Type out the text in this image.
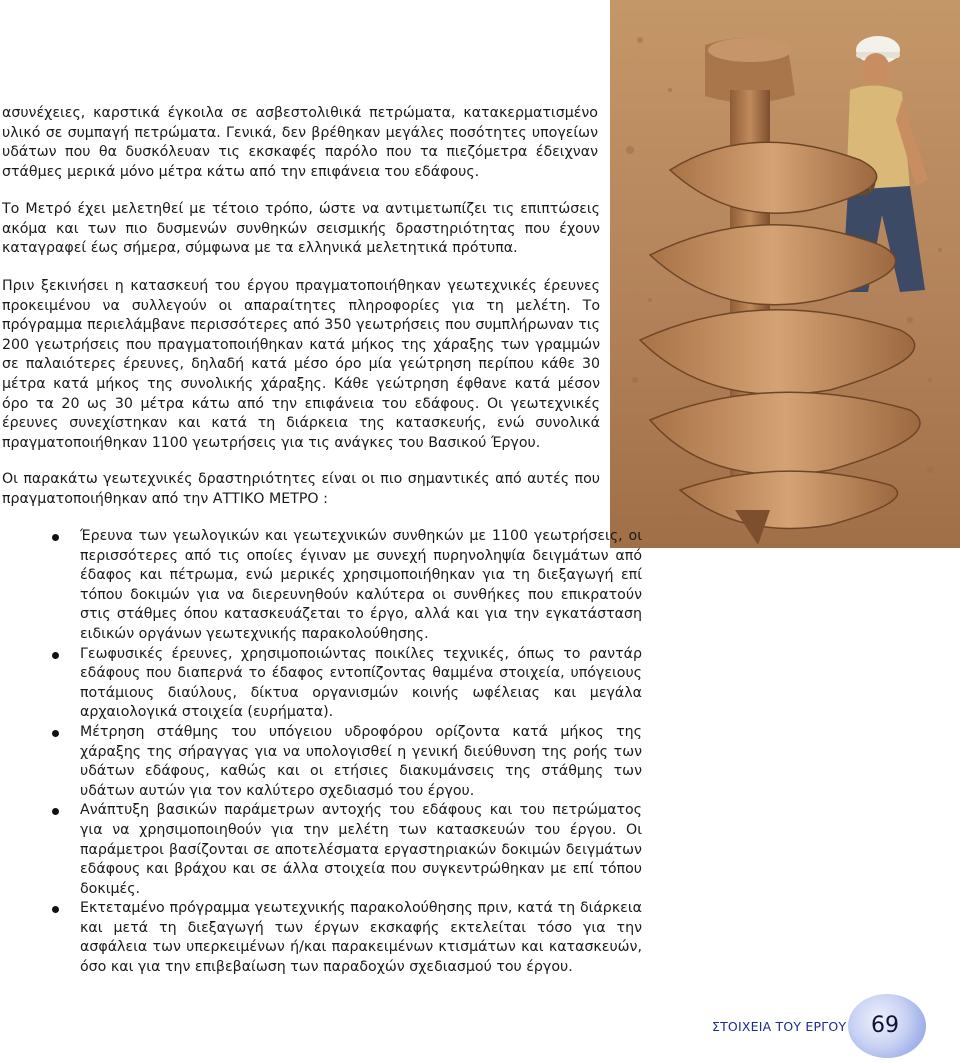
ασυνέχειες, καρστικά έγκοιλα σε ασβεστολιθικά πετρώματα, κατακερματισμένο υλικό σε συμπαγή πετρώματα. Γενικά, δεν βρέθηκαν μεγάλες ποσότητες υπογείων υδάτων που θα δυσκόλευαν τις εκσκαφές παρόλο που τα πιεζόμετρα έδειχναν στάθμες μερικά μόνο μέτρα κάτω από την επιφάνεια του εδάφους.

Το Μετρό έχει μελετηθεί με τέτοιο τρόπο, ώστε να αντιμετωπίζει τις επιπτώσεις ακόμα και των πιο δυσμενών συνθηκών σεισμικής δραστηριότητας που έχουν καταγραφεί έως σήμερα, σύμφωνα με τα ελληνικά μελετητικά πρότυπα.

Πριν ξεκινήσει η κατασκευή του έργου πραγματοποιήθηκαν γεωτεχνικές έρευνες προκειμένου να συλλεγούν οι απαραίτητες πληροφορίες για τη μελέτη. Το πρόγραμμα περιελάμβανε περισσότερες από 350 γεωτρήσεις που συμπλήρωναν τις 200 γεωτρήσεις που πραγματοποιήθηκαν κατά μήκος της χάραξης των γραμμών σε παλαιότερες έρευνες, δηλαδή κατά μέσο όρο μία γεώτρηση περίπου κάθε 30 μέτρα κατά μήκος της συνολικής χάραξης. Κάθε γεώτρηση έφθανε κατά μέσον όρο τα 20 ως 30 μέτρα κάτω από την επιφάνεια του εδάφους. Οι γεωτεχνικές έρευνες συνεχίστηκαν και κατά τη διάρκεια της κατασκευής, ενώ συνολικά πραγματοποιήθηκαν 1100 γεωτρήσεις για τις ανάγκες του Βασικού Έργου.

Οι παρακάτω γεωτεχνικές δραστηριότητες είναι οι πιο σημαντικές από αυτές που πραγματοποιήθηκαν από την ΑΤΤΙΚΟ ΜΕΤΡΟ :

Έρευνα των γεωλογικών και γεωτεχνικών συνθηκών με 1100 γεωτρήσεις, οι περισσότερες από τις οποίες έγιναν με συνεχή πυρηνοληψία δειγμάτων από έδαφος και πέτρωμα, ενώ μερικές χρησιμοποιήθηκαν για τη διεξαγωγή επί τόπου δοκιμών για να διερευνηθούν καλύτερα οι συνθήκες που επικρατούν στις στάθμες όπου κατασκευάζεται το έργο, αλλά και για την εγκατάσταση ειδικών οργάνων γεωτεχνικής παρακολούθησης.
Γεωφυσικές έρευνες, χρησιμοποιώντας ποικίλες τεχνικές, όπως το ραντάρ εδάφους που διαπερνά το έδαφος εντοπίζοντας θαμμένα στοιχεία, υπόγειους ποτάμιους διαύλους, δίκτυα οργανισμών κοινής ωφέλειας και μεγάλα αρχαιολογικά στοιχεία (ευρήματα).
Μέτρηση στάθμης του υπόγειου υδροφόρου ορίζοντα κατά μήκος της χάραξης της σήραγγας για να υπολογισθεί η γενική διεύθυνση της ροής των υδάτων εδάφους, καθώς και οι ετήσιες διακυμάνσεις της στάθμης των υδάτων αυτών για τον καλύτερο σχεδιασμό του έργου.
Ανάπτυξη βασικών παράμετρων αντοχής του εδάφους και του πετρώματος για να χρησιμοποιηθούν για την μελέτη των κατασκευών του έργου. Οι παράμετροι βασίζονται σε αποτελέσματα εργαστηριακών δοκιμών δειγμάτων εδάφους και βράχου και σε άλλα στοιχεία που συγκεντρώθηκαν με επί τόπου δοκιμές.
Εκτεταμένο πρόγραμμα γεωτεχνικής παρακολούθησης πριν, κατά τη διάρκεια και μετά τη διεξαγωγή των έργων εκσκαφής εκτελείται τόσο για την ασφάλεια των υπερκειμένων ή/και παρακειμένων κτισμάτων και κατασκευών, όσο και για την επιβεβαίωση των παραδοχών σχεδιασμού του έργου.
ΣΤΟΙΧΕΙΑ ΤΟΥ ΕΡΓΟΥ	69
